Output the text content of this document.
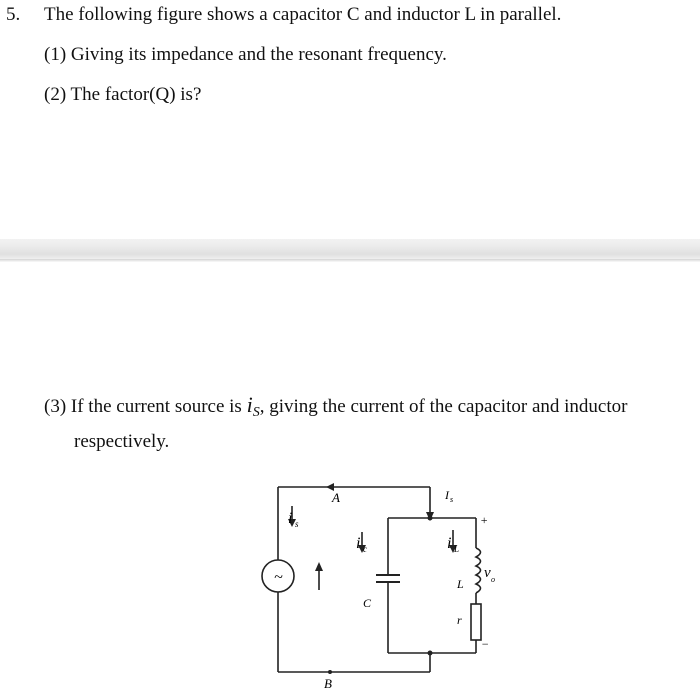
5. The following figure shows a capacitor C and inductor L in parallel.
(1) Giving its impedance and the resonant frequency.
(2) The factor(Q) is?
(3) If the current source is $i_S$, giving the current of the capacitor and inductor
respectively.
~
A
B
i s
i c	i L
I s
C
L
r
v o
+
−
